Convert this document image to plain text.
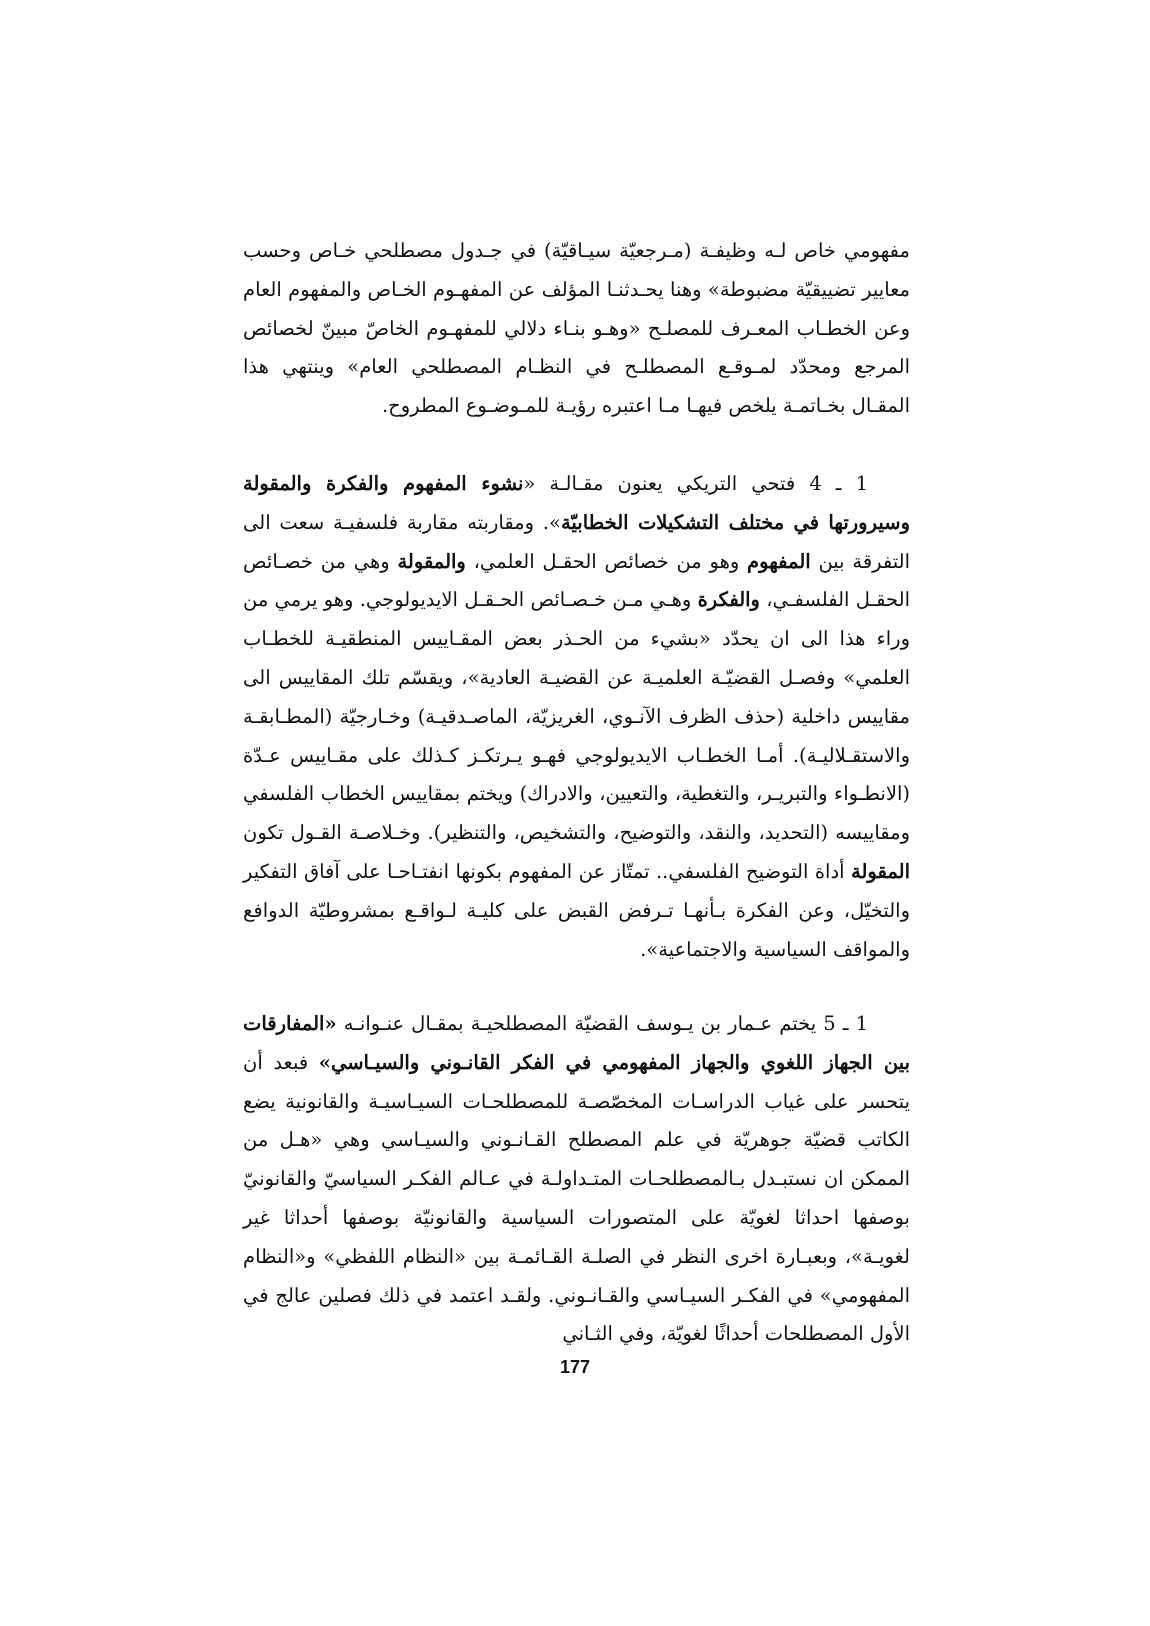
مفهومي خاص لـه وظيفـة (مـرجعيّة سيـاقيّة) في جـدول مصطلحي خـاص وحسب معايير تضييقيّة مضبوطة» وهنا يحـدثنـا المؤلف عن المفهـوم الخـاص والمفهوم العام وعن الخطـاب المعـرف للمصلـح «وهـو بنـاء دلالي للمفهـوم الخاصّ مبينّ لخصائص المرجع ومحدّد لمـوقـع المصطلـح في النظـام المصطلحي العام» وينتهي هذا المقـال بخـاتمـة يلخص فيهـا مـا اعتبره رؤيـة للمـوضـوع المطروح.

1 ـ 4 فتحي التريكي يعنون مقـالـة «نشوء المفهوم والفكرة والمقولة وسيرورتها في مختلف التشكيلات الخطابيّة». ومقاربته مقاربة فلسفيـة سعت الى التفرقة بين المفهوم وهو من خصائص الحقـل العلمي، والمقولة وهي من خصـائص الحقـل الفلسفـي، والفكرة وهـي مـن خـصـائص الحـقـل الايديولوجي. وهو يرمي من وراء هذا الى ان يحدّد «بشيء من الحـذر بعض المقـاييس المنطقيـة للخطـاب العلمي» وفصـل القضيّـة العلميـة عن القضيـة العادية»، ويقسّم تلك المقاييس الى مقاييس داخلية (حذف الظرف الآنـوي، الغريزيّة، الماصـدقيـة) وخـارجيّة (المطـابقـة والاستقـلاليـة). أمـا الخطـاب الايديولوجي فهـو يـرتكـز كـذلك على مقـاييس عـدّة (الانطـواء والتبريـر، والتغطية، والتعيين، والادراك) ويختم بمقاييس الخطاب الفلسفي ومقاييسه (التحديد، والنقد، والتوضيح، والتشخيص، والتنظير). وخـلاصـة القـول تكون المقولة أداة التوضيح الفلسفي.. تمتّاز عن المفهوم بكونها انفتـاحـا على آفاق التفكير والتخيّل، وعن الفكرة بـأنهـا تـرفض القبض على كليـة لـواقـع بمشروطيّة الدوافع والمواقف السياسية والاجتماعية».

1 ـ 5 يختم عـمار بن يـوسف القضيّة المصطلحيـة بمقـال عنـوانـه «المفارقات بين الجهاز اللغوي والجهاز المفهومي في الفكر القانـوني والسيـاسي» فبعد أن يتحسر على غياب الدراسـات المخصّصـة للمصطلحـات السيـاسيـة والقانونية يضع الكاتب قضيّة جوهريّة في علم المصطلح القـانـوني والسيـاسي وهي «هـل من الممكن ان نستبـدل بـالمصطلحـات المتـداولـة في عـالم الفكـر السياسيّ والقانونيّ بوصفها احداثا لغويّة على المتصورات السياسية والقانونيّة بوصفها أحداثا غير لغويـة»، وبعبـارة اخرى النظر في الصلـة القـائمـة بين «النظام اللفظي» و«النظام المفهومي» في الفكـر السيـاسي والقـانـوني. ولقـد اعتمد في ذلك فصلين عالج في الأول المصطلحات أحداثًا لغويّة، وفي الثـاني

177
